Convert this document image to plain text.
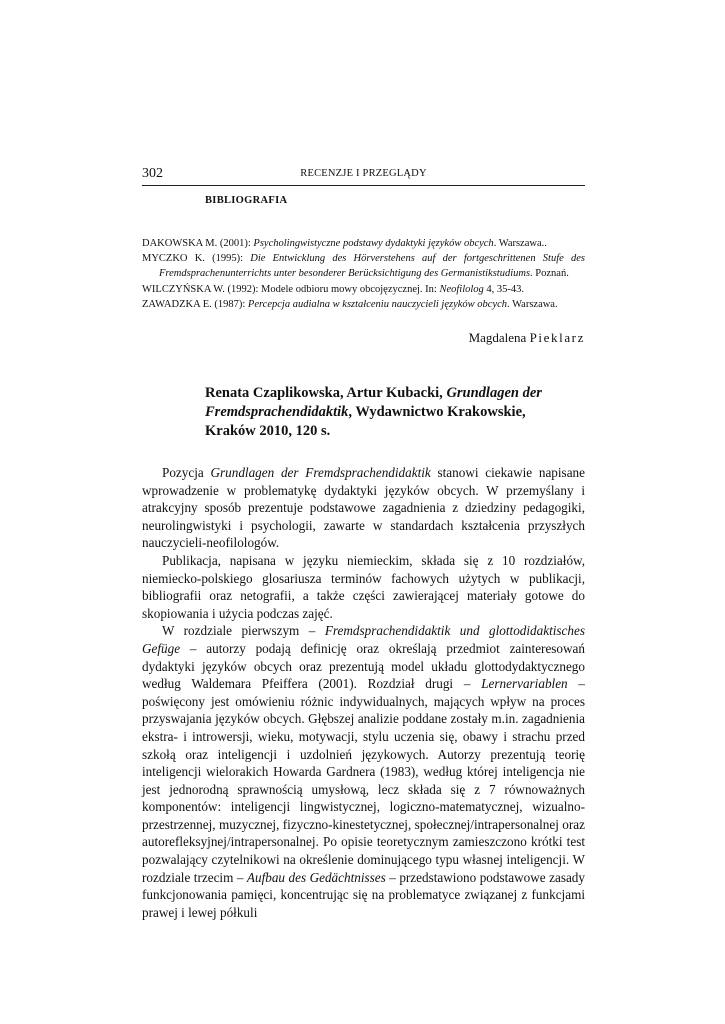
302	RECENZJE I PRZEGLĄDY
BIBLIOGRAFIA

DAKOWSKA M. (2001): Psycholingwistyczne podstawy dydaktyki języków obcych. Warszawa..

MYCZKO K. (1995): Die Entwicklung des Hörverstehens auf der fortgeschrittenen Stufe des Fremdsprachenunterrichts unter besonderer Berücksichtigung des Germanistikstudiums. Poznań.

WILCZYŃSKA W. (1992): Modele odbioru mowy obcojęzycznej. In: Neofilolog 4, 35-43.

ZAWADZKA E. (1987): Percepcja audialna w kształceniu nauczycieli języków obcych. Warszawa.

Magdalena Pieklarz
Renata Czaplikowska, Artur Kubacki, Grundlagen der Fremdsprachendidaktik, Wydawnictwo Krakowskie, Kraków 2010, 120 s.

Pozycja Grundlagen der Fremdsprachendidaktik stanowi ciekawie napisane wprowadzenie w problematykę dydaktyki języków obcych. W przemyślany i atrakcyjny sposób prezentuje podstawowe zagadnienia z dziedziny pedagogiki, neurolingwistyki i psychologii, zawarte w standardach kształcenia przyszłych nauczycieli-neofilologów.

Publikacja, napisana w języku niemieckim, składa się z 10 rozdziałów, niemiecko-polskiego glosariusza terminów fachowych użytych w publikacji, bibliografii oraz netografii, a także części zawierającej materiały gotowe do skopiowania i użycia podczas zajęć.

W rozdziale pierwszym – Fremdsprachendidaktik und glottodidaktisches Gefüge – autorzy podają definicję oraz określają przedmiot zainteresowań dydaktyki języków obcych oraz prezentują model układu glottodydaktycznego według Waldemara Pfeiffera (2001). Rozdział drugi – Lernervariablen – poświęcony jest omówieniu różnic indywidualnych, mających wpływ na proces przyswajania języków obcych. Głębszej analizie poddane zostały m.in. zagadnienia ekstra- i introwersji, wieku, motywacji, stylu uczenia się, obawy i strachu przed szkołą oraz inteligencji i uzdolnień językowych. Autorzy prezentują teorię inteligencji wielorakich Howarda Gardnera (1983), według której inteligencja nie jest jednorodną sprawnością umysłową, lecz składa się z 7 równoważnych komponentów: inteligencji lingwistycznej, logiczno-matematycznej, wizualno-przestrzennej, muzycznej, fizyczno-kinestetycznej, społecznej/intrapersonalnej oraz autorefleksyjnej/intrapersonalnej. Po opisie teoretycznym zamieszczono krótki test pozwalający czytelnikowi na określenie dominującego typu własnej inteligencji. W rozdziale trzecim – Aufbau des Gedächtnisses – przedstawiono podstawowe zasady funkcjonowania pamięci, koncentrując się na problematyce związanej z funkcjami prawej i lewej półkuli
